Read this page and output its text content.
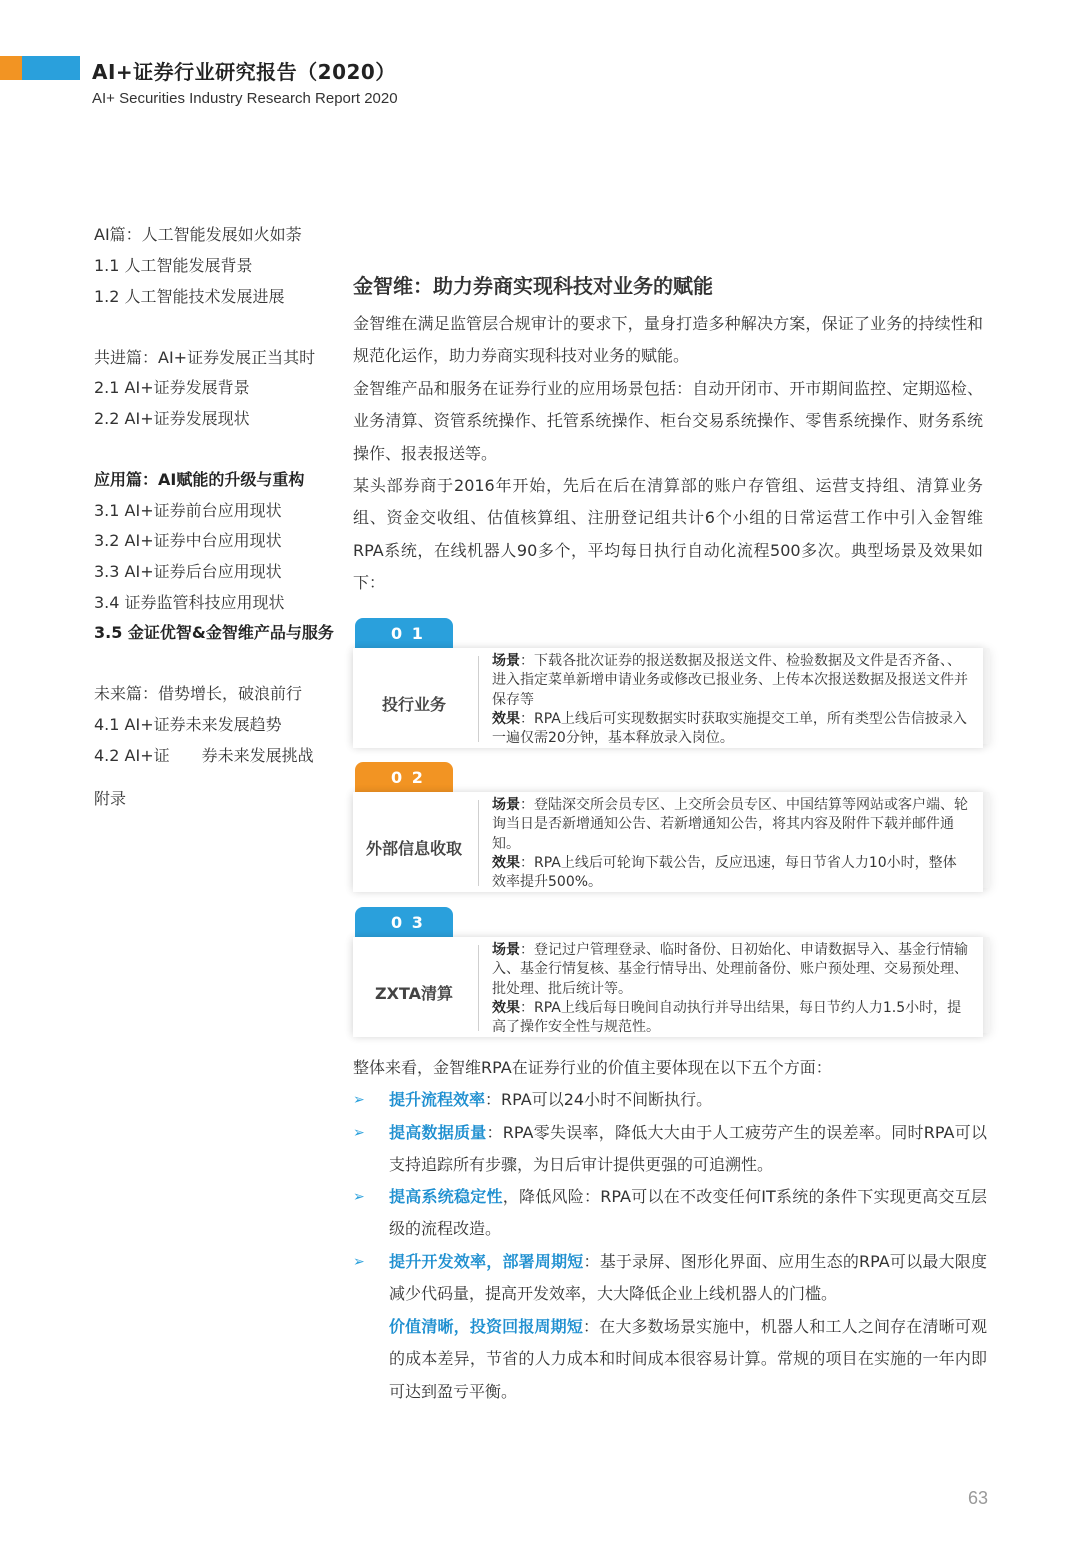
AI+证券行业研究报告（2020）
AI+ Securities Industry Research Report 2020
AI篇：人工智能发展如火如荼
1.1 人工智能发展背景
1.2 人工智能技术发展进展
共进篇：AI+证券发展正当其时
2.1 AI+证券发展背景
2.2 AI+证券发展现状
应用篇：AI赋能的升级与重构
3.1 AI+证券前台应用现状
3.2 AI+证券中台应用现状
3.3 AI+证券后台应用现状
3.4 证券监管科技应用现状
3.5 金证优智&金智维产品与服务
未来篇：借势增长，破浪前行
4.1 AI+证券未来发展趋势
4.2 AI+证　　券未来发展挑战
附录
金智维：助力券商实现科技对业务的赋能
金智维在满足监管层合规审计的要求下，量身打造多种解决方案，保证了业务的持续性和规范化运作，助力券商实现科技对业务的赋能。
金智维产品和服务在证券行业的应用场景包括：自动开闭市、开市期间监控、定期巡检、业务清算、资管系统操作、托管系统操作、柜台交易系统操作、零售系统操作、财务系统操作、报表报送等。
某头部券商于2016年开始，先后在后在清算部的账户存管组、运营支持组、清算业务组、资金交收组、估值核算组、注册登记组共计6个小组的日常运营工作中引入金智维RPA系统，在线机器人90多个，平均每日执行自动化流程500多次。典型场景及效果如下：
0 1
投行业务
场景：下载各批次证券的报送数据及报送文件、检验数据及文件是否齐备、、进入指定菜单新增申请业务或修改已报业务、上传本次报送数据及报送文件并保存等
效果：RPA上线后可实现数据实时获取实施提交工单，所有类型公告信披录入一遍仅需20分钟，基本释放录入岗位。
0 2
外部信息收取
场景：登陆深交所会员专区、上交所会员专区、中国结算等网站或客户端、轮询当日是否新增通知公告、若新增通知公告，将其内容及附件下载并邮件通知。
效果：RPA上线后可轮询下载公告，反应迅速，每日节省人力10小时，整体效率提升500%。
0 3
ZXTA清算
场景：登记过户管理登录、临时备份、日初始化、申请数据导入、基金行情输入、基金行情复核、基金行情导出、处理前备份、账户预处理、交易预处理、批处理、批后统计等。
效果：RPA上线后每日晚间自动执行并导出结果，每日节约人力1.5小时，提高了操作安全性与规范性。
整体来看，金智维RPA在证券行业的价值主要体现在以下五个方面：
➢	提升流程效率：RPA可以24小时不间断执行。
➢	提高数据质量：RPA零失误率，降低大大由于人工疲劳产生的误差率。同时RPA可以支持追踪所有步骤，为日后审计提供更强的可追溯性。
➢	提高系统稳定性，降低风险：RPA可以在不改变任何IT系统的条件下实现更高交互层级的流程改造。
➢	提升开发效率，部署周期短：基于录屏、图形化界面、应用生态的RPA可以最大限度减少代码量，提高开发效率，大大降低企业上线机器人的门槛。
价值清晰，投资回报周期短：在大多数场景实施中，机器人和工人之间存在清晰可观的成本差异，节省的人力成本和时间成本很容易计算。常规的项目在实施的一年内即可达到盈亏平衡。
63
